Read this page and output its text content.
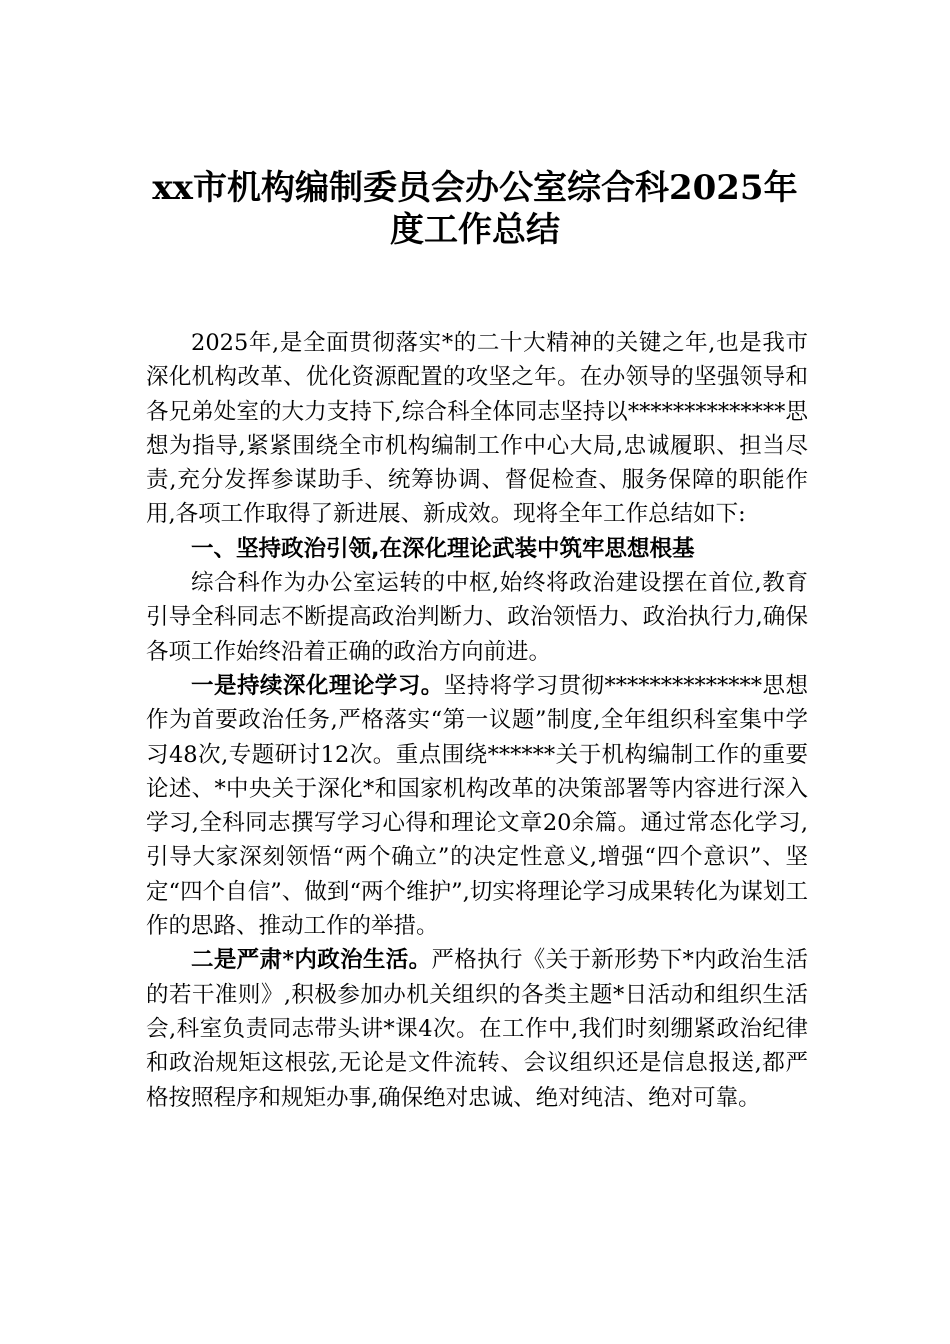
xx市机构编制委员会办公室综合科2025年
度工作总结

2025年,是全面贯彻落实*的二十大精神的关键之年,也是我市深化机构改革、优化资源配置的攻坚之年。在办领导的坚强领导和各兄弟处室的大力支持下,综合科全体同志坚持以**************思想为指导,紧紧围绕全市机构编制工作中心大局,忠诚履职、担当尽责,充分发挥参谋助手、统筹协调、督促检查、服务保障的职能作用,各项工作取得了新进展、新成效。现将全年工作总结如下:

一、坚持政治引领,在深化理论武装中筑牢思想根基

综合科作为办公室运转的中枢,始终将政治建设摆在首位,教育引导全科同志不断提高政治判断力、政治领悟力、政治执行力,确保各项工作始终沿着正确的政治方向前进。

一是持续深化理论学习。坚持将学习贯彻**************思想作为首要政治任务,严格落实“第一议题”制度,全年组织科室集中学习48次,专题研讨12次。重点围绕******关于机构编制工作的重要论述、*中央关于深化*和国家机构改革的决策部署等内容进行深入学习,全科同志撰写学习心得和理论文章20余篇。通过常态化学习,引导大家深刻领悟“两个确立”的决定性意义,增强“四个意识”、坚定“四个自信”、做到“两个维护”,切实将理论学习成果转化为谋划工作的思路、推动工作的举措。

二是严肃*内政治生活。严格执行《关于新形势下*内政治生活的若干准则》,积极参加办机关组织的各类主题*日活动和组织生活会,科室负责同志带头讲*课4次。在工作中,我们时刻绷紧政治纪律和政治规矩这根弦,无论是文件流转、会议组织还是信息报送,都严格按照程序和规矩办事,确保绝对忠诚、绝对纯洁、绝对可靠。
